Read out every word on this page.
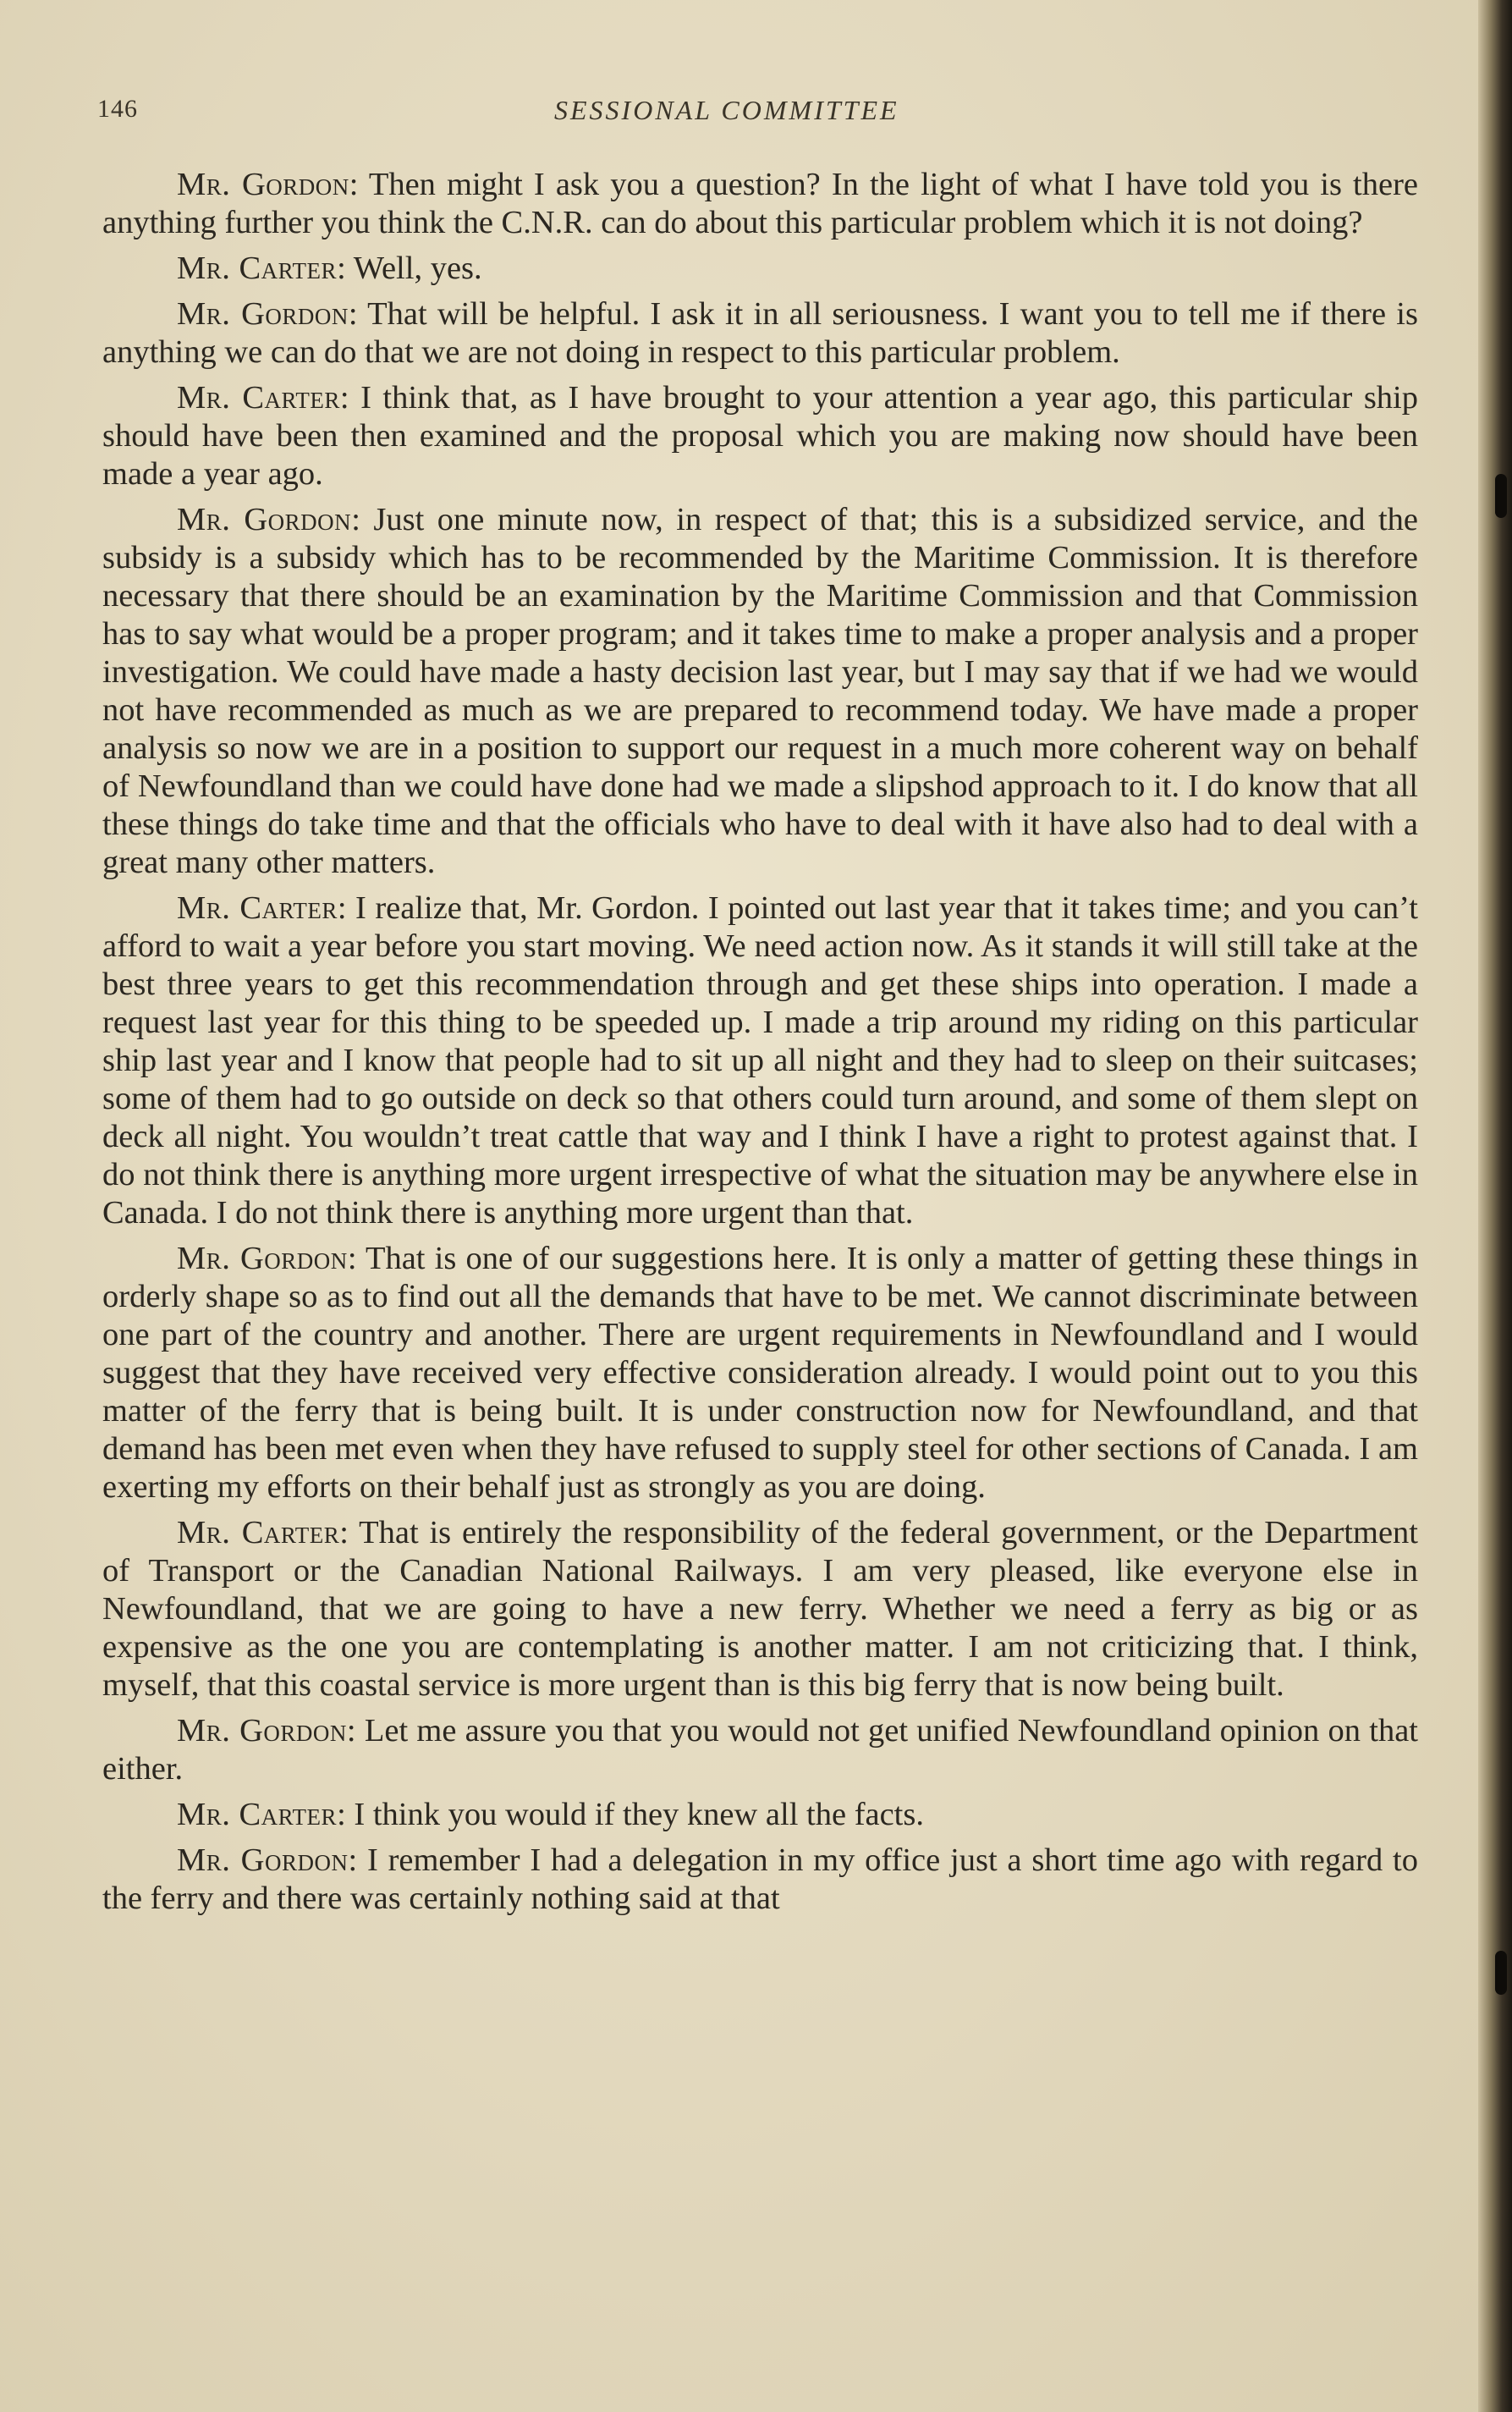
146	SESSIONAL COMMITTEE

Mr. Gordon: Then might I ask you a question? In the light of what I have told you is there anything further you think the C.N.R. can do about this particular problem which it is not doing?

Mr. Carter: Well, yes.

Mr. Gordon: That will be helpful. I ask it in all seriousness. I want you to tell me if there is anything we can do that we are not doing in respect to this particular problem.

Mr. Carter: I think that, as I have brought to your attention a year ago, this particular ship should have been then examined and the proposal which you are making now should have been made a year ago.

Mr. Gordon: Just one minute now, in respect of that; this is a subsidized service, and the subsidy is a subsidy which has to be recommended by the Maritime Commission. It is therefore necessary that there should be an examination by the Maritime Commission and that Commission has to say what would be a proper program; and it takes time to make a proper analysis and a proper investigation. We could have made a hasty decision last year, but I may say that if we had we would not have recommended as much as we are prepared to recommend today. We have made a proper analysis so now we are in a position to support our request in a much more coherent way on behalf of Newfoundland than we could have done had we made a slipshod approach to it. I do know that all these things do take time and that the officials who have to deal with it have also had to deal with a great many other matters.

Mr. Carter: I realize that, Mr. Gordon. I pointed out last year that it takes time; and you can’t afford to wait a year before you start moving. We need action now. As it stands it will still take at the best three years to get this recommendation through and get these ships into operation. I made a request last year for this thing to be speeded up. I made a trip around my riding on this particular ship last year and I know that people had to sit up all night and they had to sleep on their suitcases; some of them had to go outside on deck so that others could turn around, and some of them slept on deck all night. You wouldn’t treat cattle that way and I think I have a right to protest against that. I do not think there is anything more urgent irrespective of what the situation may be anywhere else in Canada. I do not think there is anything more urgent than that.

Mr. Gordon: That is one of our suggestions here. It is only a matter of getting these things in orderly shape so as to find out all the demands that have to be met. We cannot discriminate between one part of the country and another. There are urgent requirements in Newfoundland and I would suggest that they have received very effective consideration already. I would point out to you this matter of the ferry that is being built. It is under construction now for Newfoundland, and that demand has been met even when they have refused to supply steel for other sections of Canada. I am exerting my efforts on their behalf just as strongly as you are doing.

Mr. Carter: That is entirely the responsibility of the federal government, or the Department of Transport or the Canadian National Railways. I am very pleased, like everyone else in Newfoundland, that we are going to have a new ferry. Whether we need a ferry as big or as expensive as the one you are contemplating is another matter. I am not criticizing that. I think, myself, that this coastal service is more urgent than is this big ferry that is now being built.

Mr. Gordon: Let me assure you that you would not get unified Newfoundland opinion on that either.

Mr. Carter: I think you would if they knew all the facts.

Mr. Gordon: I remember I had a delegation in my office just a short time ago with regard to the ferry and there was certainly nothing said at that
